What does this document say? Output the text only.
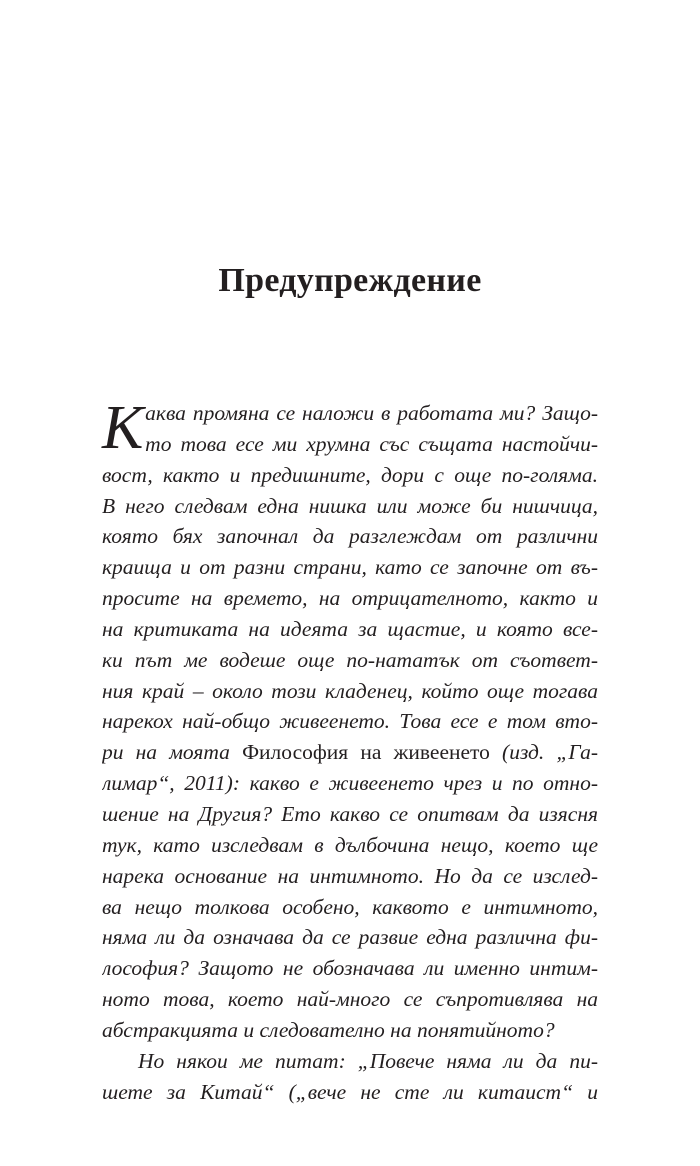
Предупреждение
К аква промяна се наложи в работата ми? Защо-
то това есе ми хрумна със същата настойчи-
вост, както и предишните, дори с още по-голяма.
В него следвам една нишка или може би нишчица,
която бях започнал да разглеждам от различни
краища и от разни страни, като се започне от въ-
просите на времето, на отрицателното, както и
на критиката на идеята за щастие, и която все-
ки път ме водеше още по-нататък от съответ-
ния край – около този кладенец, който още тогава
нарекох най-общо живеенето. Това есе е том вто-
ри на моята Философия на живеенето (изд. „Га-
лимар“, 2011): какво е живеенето чрез и по отно-
шение на Другия? Ето какво се опитвам да изясня
тук, като изследвам в дълбочина нещо, което ще
нарека основание на интимното. Но да се изслед-
ва нещо толкова особено, каквото е интимното,
няма ли да означава да се развие една различна фи-
лософия? Защото не обозначава ли именно интим-
ното това, което най-много се съпротивлява на
абстракцията и следователно на понятийното?
Но някои ме питат: „Повече няма ли да пи-
шете за Китай“ („вече не сте ли китаист“ и
